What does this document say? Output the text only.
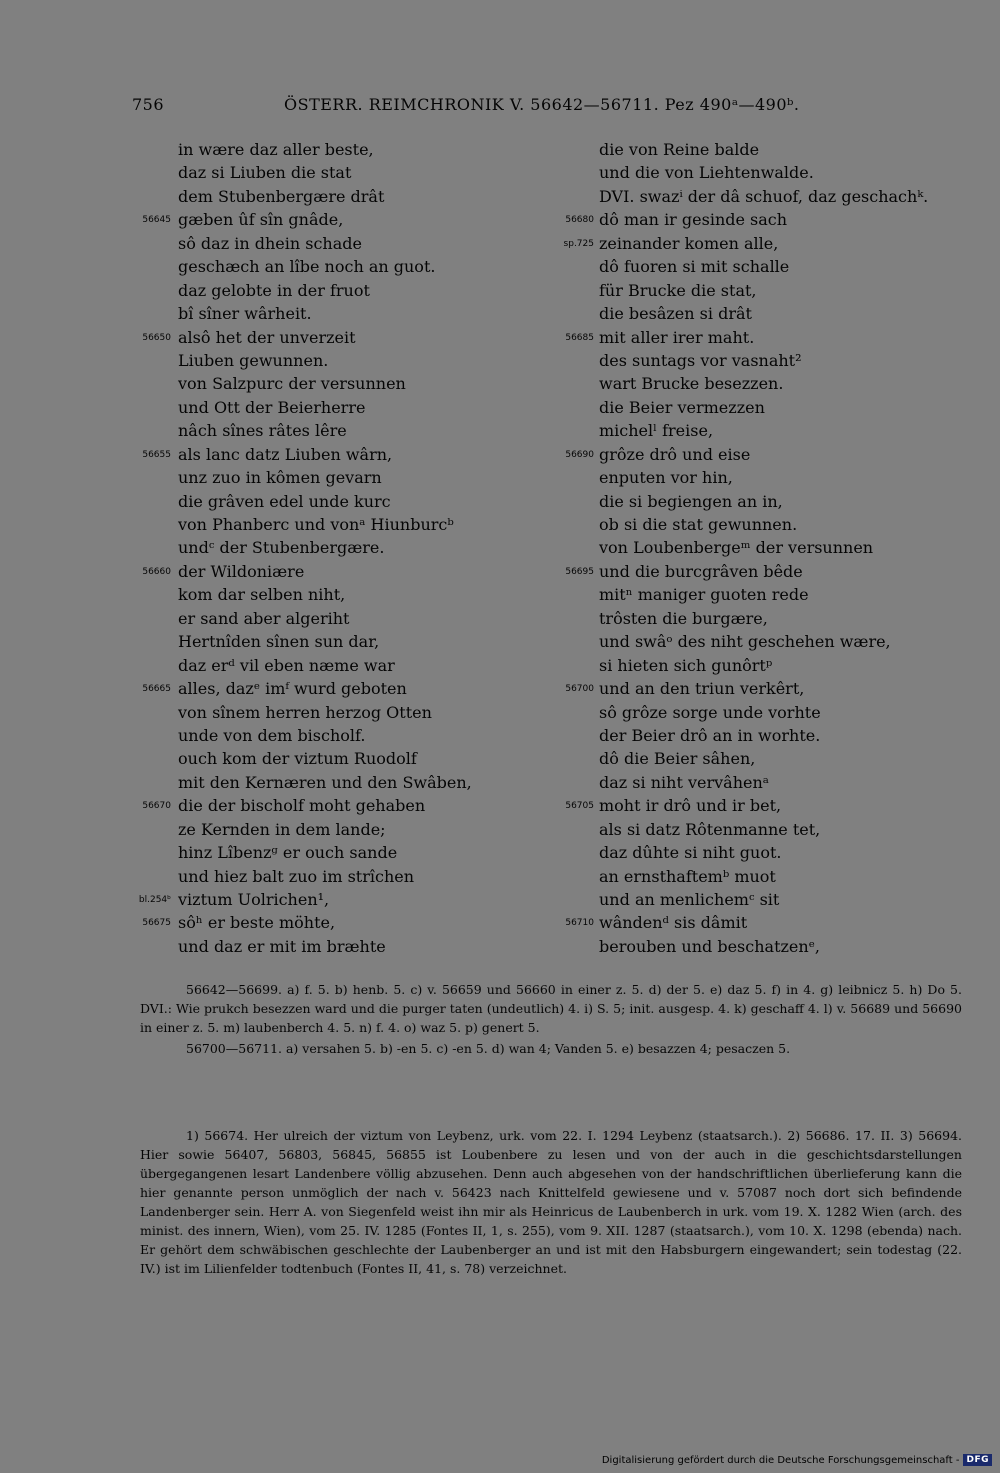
756	ÖSTERR. REIMCHRONIK V. 56642—56711. Pez 490ᵃ—490ᵇ.
in wære daz aller beste,
daz si Liuben die stat
dem Stubenbergære drât
56645 gæben ûf sîn gnâde,
sô daz in dhein schade
geschæch an lîbe noch an guot.
daz gelobte in der fruot
bî sîner wârheit.
56650 alsô het der unverzeit
Liuben gewunnen.
von Salzpurc der versunnen
und Ott der Beierherre
nâch sînes râtes lêre
56655 als lanc datz Liuben wârn,
unz zuo in kômen gevarn
die grâven edel unde kurc
von Phanberc und vonᵃ Hiunburcᵇ
undᶜ der Stubenbergære.
56660 der Wildoniære
kom dar selben niht,
er sand aber algeriht
Hertnîden sînen sun dar,
daz erᵈ vil eben næme war
56665 alles, dazᵉ imᶠ wurd geboten
von sînem herren herzog Otten
unde von dem bischolf.
ouch kom der viztum Ruodolf
mit den Kernæren und den Swâben,
56670 die der bischolf moht gehaben
ze Kernden in dem lande;
hinz Lîbenzᵍ er ouch sande
und hiez balt zuo im strîchen
bl.254ᵇ viztum Uolrichen¹,
56675 sôʰ er beste möhte,
und daz er mit im bræhte
die von Reine balde
und die von Liehtenwalde.
DVI. swazⁱ der dâ schuof, daz geschachᵏ.
56680 dô man ir gesinde sach
sp.725 zeinander komen alle,
dô fuoren si mit schalle
für Brucke die stat,
die besâzen si drât
56685 mit aller irer maht.
des suntags vor vasnaht²
wart Brucke besezzen.
die Beier vermezzen
michelˡ freise,
56690 grôze drô und eise
enputen vor hin,
die si begiengen an in,
ob si die stat gewunnen.
von Loubenbergeᵐ der versunnen
56695 und die burcgrâven bêde
mitⁿ maniger guoten rede
trôsten die burgære,
und swâᵒ des niht geschehen wære,
si hieten sich gunôrtᵖ
56700 und an den triun verkêrt,
sô grôze sorge unde vorhte
der Beier drô an in worhte.
dô die Beier sâhen,
daz si niht vervâhenᵃ
56705 moht ir drô und ir bet,
als si datz Rôtenmanne tet,
daz dûhte si niht guot.
an ernsthaftemᵇ muot
und an menlichemᶜ sit
56710 wândenᵈ sis dâmit
berouben und beschatzenᵉ,

56642—56699. a) f. 5. b) henb. 5. c) v. 56659 und 56660 in einer z. 5. d) der 5. e) daz 5. f) in 4. g) leibnicz 5. h) Do 5. DVI.: Wie prukch besezzen ward und die purger taten (undeutlich) 4. i) S. 5; init. ausgesp. 4. k) geschaff 4. l) v. 56689 und 56690 in einer z. 5. m) laubenberch 4. 5. n) f. 4. o) waz 5. p) genert 5.

56700—56711. a) versahen 5. b) -en 5. c) -en 5. d) wan 4; Vanden 5. e) besazzen 4; pesaczen 5.

1) 56674. Her ulreich der viztum von Leybenz, urk. vom 22. I. 1294 Leybenz (staatsarch.). 2) 56686. 17. II. 3) 56694. Hier sowie 56407, 56803, 56845, 56855 ist Loubenbere zu lesen und von der auch in die geschichtsdarstellungen übergegangenen lesart Landenbere völlig abzusehen. Denn auch abgesehen von der handschriftlichen überlieferung kann die hier genannte person unmöglich der nach v. 56423 nach Knittelfeld gewiesene und v. 57087 noch dort sich befindende Landenberger sein. Herr A. von Siegenfeld weist ihn mir als Heinricus de Laubenberch in urk. vom 19. X. 1282 Wien (arch. des minist. des innern, Wien), vom 25. IV. 1285 (Fontes II, 1, s. 255), vom 9. XII. 1287 (staatsarch.), vom 10. X. 1298 (ebenda) nach. Er gehört dem schwäbischen geschlechte der Laubenberger an und ist mit den Habsburgern eingewandert; sein todestag (22. IV.) ist im Lilienfelder todtenbuch (Fontes II, 41, s. 78) verzeichnet.

Digitalisierung gefördert durch die Deutsche Forschungsgemeinschaft - DFG
